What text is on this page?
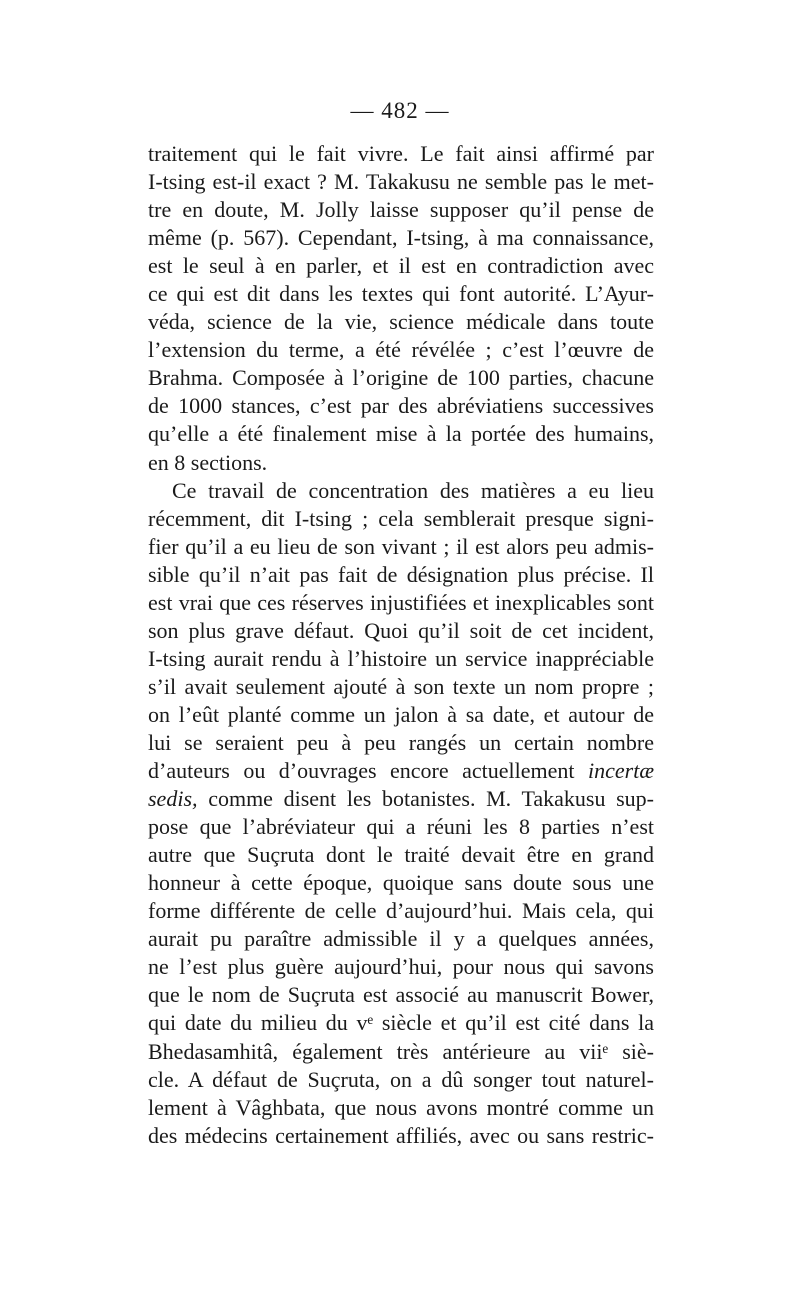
— 482 —
traitement qui le fait vivre. Le fait ainsi affirmé par
I-tsing est-il exact ? M. Takakusu ne semble pas le met-
tre en doute, M. Jolly laisse supposer qu’il pense de
même (p. 567). Cependant, I-tsing, à ma connaissance,
est le seul à en parler, et il est en contradiction avec
ce qui est dit dans les textes qui font autorité. L’Ayur-
véda, science de la vie, science médicale dans toute
l’extension du terme, a été révélée ; c’est l’œuvre de
Brahma. Composée à l’origine de 100 parties, chacune
de 1000 stances, c’est par des abréviatiens successives
qu’elle a été finalement mise à la portée des humains,
en 8 sections.
Ce travail de concentration des matières a eu lieu
récemment, dit I-tsing ; cela semblerait presque signi-
fier qu’il a eu lieu de son vivant ; il est alors peu admis-
sible qu’il n’ait pas fait de désignation plus précise. Il
est vrai que ces réserves injustifiées et inexplicables sont
son plus grave défaut. Quoi qu’il soit de cet incident,
I-tsing aurait rendu à l’histoire un service inappréciable
s’il avait seulement ajouté à son texte un nom propre ;
on l’eût planté comme un jalon à sa date, et autour de
lui se seraient peu à peu rangés un certain nombre
d’auteurs ou d’ouvrages encore actuellement incertæ
sedis, comme disent les botanistes. M. Takakusu sup-
pose que l’abréviateur qui a réuni les 8 parties n’est
autre que Suçruta dont le traité devait être en grand
honneur à cette époque, quoique sans doute sous une
forme différente de celle d’aujourd’hui. Mais cela, qui
aurait pu paraître admissible il y a quelques années,
ne l’est plus guère aujourd’hui, pour nous qui savons
que le nom de Suçruta est associé au manuscrit Bower,
qui date du milieu du vᵉ siècle et qu’il est cité dans la
Bhedasamhitâ, également très antérieure au viiᵉ siè-
cle. A défaut de Suçruta, on a dû songer tout naturel-
lement à Vâghbata, que nous avons montré comme un
des médecins certainement affiliés, avec ou sans restric-
